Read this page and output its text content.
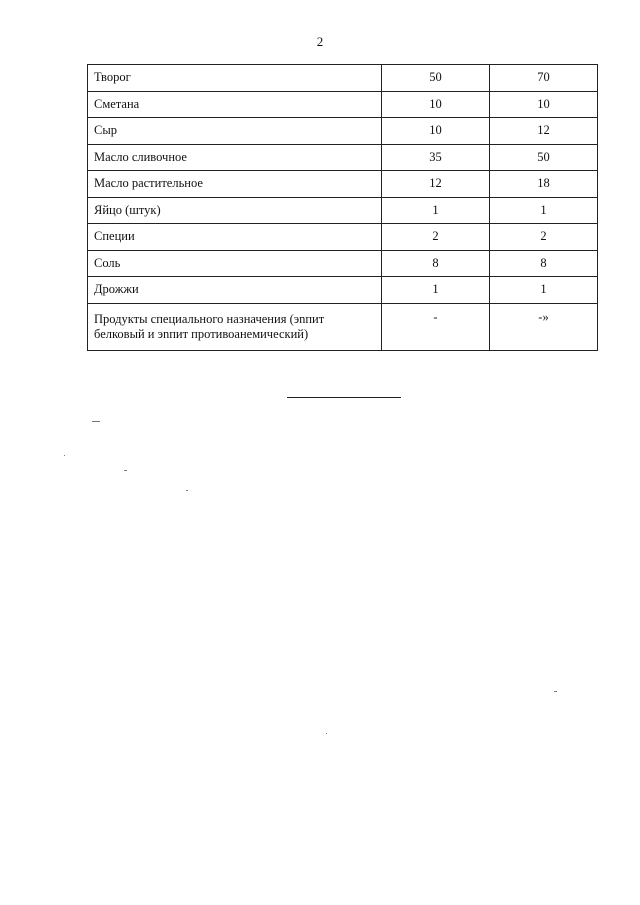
2
Творог	50	70
Сметана	10	10
Сыр	10	12
Масло сливочное	35	50
Масло растительное	12	18
Яйцо (штук)	1	1
Специи	2	2
Соль	8	8
Дрожжи	1	1
Продукты специального назначения (эnпит белковый и эnпит противоанемический)	-	-»
